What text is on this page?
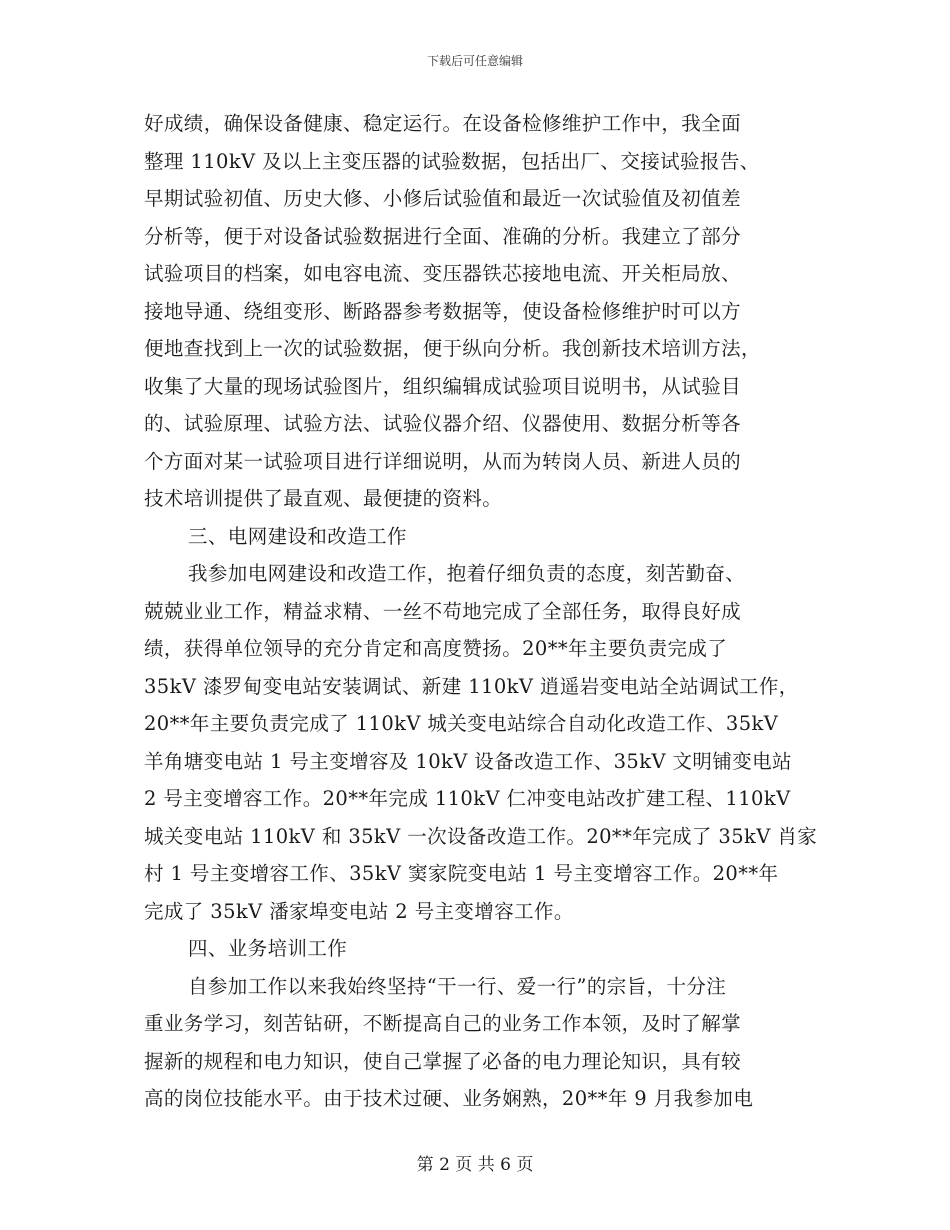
下载后可任意编辑
好成绩，确保设备健康、稳定运行。在设备检修维护工作中，我全面
整理 110kV 及以上主变压器的试验数据，包括出厂、交接试验报告、
早期试验初值、历史大修、小修后试验值和最近一次试验值及初值差
分析等，便于对设备试验数据进行全面、准确的分析。我建立了部分
试验项目的档案，如电容电流、变压器铁芯接地电流、开关柜局放、
接地导通、绕组变形、断路器参考数据等，使设备检修维护时可以方
便地查找到上一次的试验数据，便于纵向分析。我创新技术培训方法，
收集了大量的现场试验图片，组织编辑成试验项目说明书，从试验目
的、试验原理、试验方法、试验仪器介绍、仪器使用、数据分析等各
个方面对某一试验项目进行详细说明，从而为转岗人员、新进人员的
技术培训提供了最直观、最便捷的资料。
三、电网建设和改造工作
我参加电网建设和改造工作，抱着仔细负责的态度，刻苦勤奋、
兢兢业业工作，精益求精、一丝不苟地完成了全部任务，取得良好成
绩，获得单位领导的充分肯定和高度赞扬。20**年主要负责完成了
35kV 漆罗甸变电站安装调试、新建 110kV 逍遥岩变电站全站调试工作，
20**年主要负责完成了 110kV 城关变电站综合自动化改造工作、35kV
羊角塘变电站 1 号主变增容及 10kV 设备改造工作、35kV 文明铺变电站
2 号主变增容工作。20**年完成 110kV 仁冲变电站改扩建工程、110kV
城关变电站 110kV 和 35kV 一次设备改造工作。20**年完成了 35kV 肖家
村 1 号主变增容工作、35kV 窦家院变电站 1 号主变增容工作。20**年
完成了 35kV 潘家埠变电站 2 号主变增容工作。
四、业务培训工作
自参加工作以来我始终坚持“干一行、爱一行”的宗旨，十分注
重业务学习，刻苦钻研，不断提高自己的业务工作本领，及时了解掌
握新的规程和电力知识，使自己掌握了必备的电力理论知识，具有较
高的岗位技能水平。由于技术过硬、业务娴熟，20**年 9 月我参加电
第 2 页 共 6 页
